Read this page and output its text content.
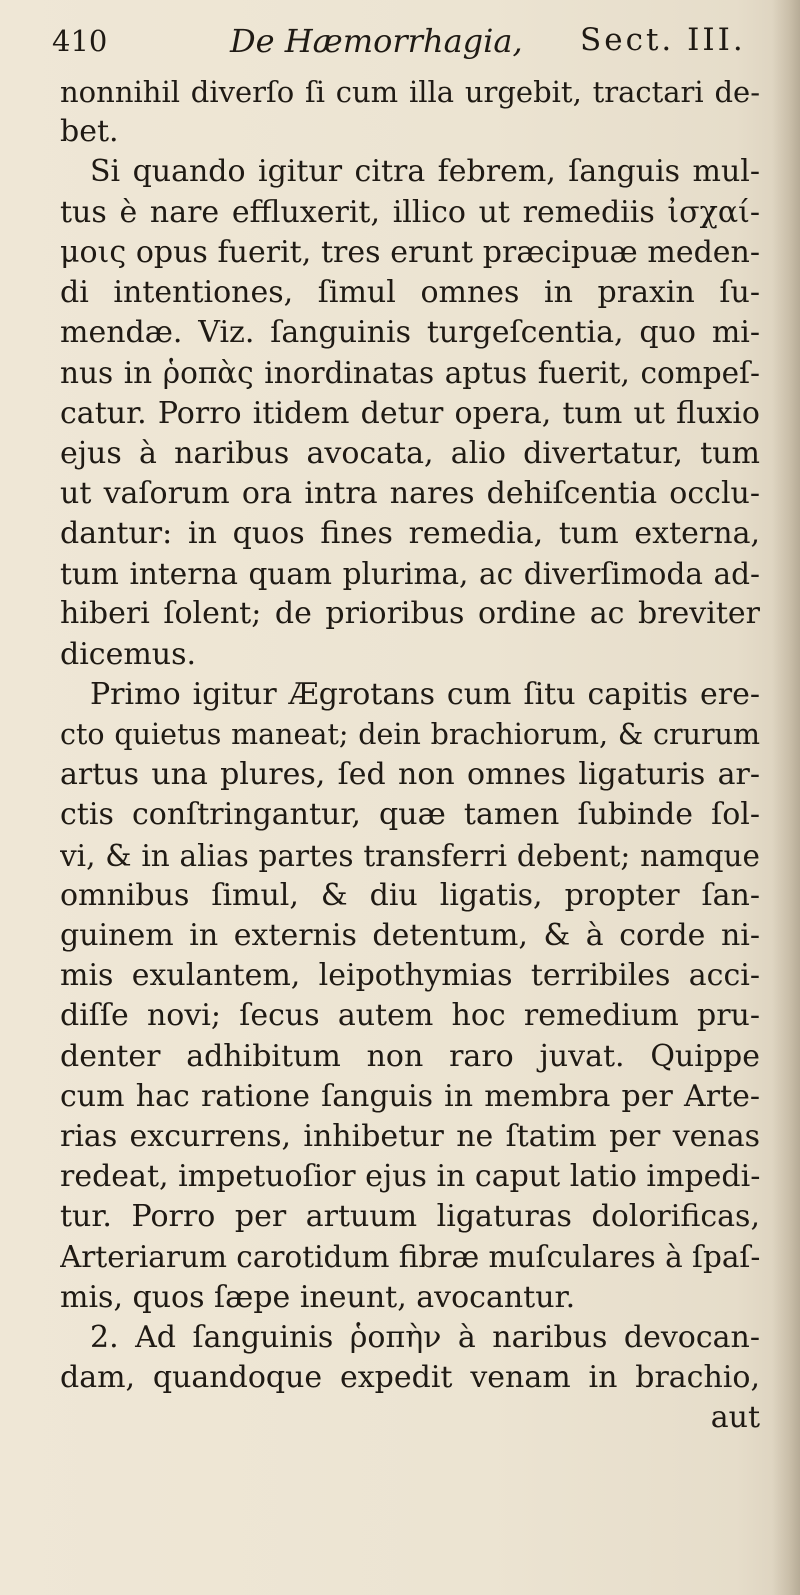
410	De Hæmorrhagia, Sect. III.
nonnihil diverſo ſi cum illa urgebit, tractari de-
bet.
Si quando igitur citra febrem, ſanguis mul-
tus è nare effluxerit, illico ut remediis ἰσχαί-
μοις opus fuerit, tres erunt præcipuæ meden-
di intentiones, ſimul omnes in praxin ſu-
mendæ. Viz. ſanguinis turgeſcentia, quo mi-
nus in ῥοπὰς inordinatas aptus fuerit, compeſ-
catur. Porro itidem detur opera, tum ut fluxio
ejus à naribus avocata, alio divertatur, tum
ut vaſorum ora intra nares dehiſcentia occlu-
dantur: in quos fines remedia, tum externa,
tum interna quam plurima, ac diverſimoda ad-
hiberi ſolent; de prioribus ordine ac breviter
dicemus.
Primo igitur Ægrotans cum ſitu capitis ere-
cto quietus maneat; dein brachiorum, & crurum
artus una plures, ſed non omnes ligaturis ar-
ctis conſtringantur, quæ tamen ſubinde ſol-
vi, & in alias partes transferri debent; namque
omnibus ſimul, & diu ligatis, propter ſan-
guinem in externis detentum, & à corde ni-
mis exulantem, leipothymias terribiles acci-
diſſe novi; ſecus autem hoc remedium pru-
denter adhibitum non raro juvat. Quippe
cum hac ratione ſanguis in membra per Arte-
rias excurrens, inhibetur ne ſtatim per venas
redeat, impetuoſior ejus in caput latio impedi-
tur. Porro per artuum ligaturas dolorificas,
Arteriarum carotidum fibræ muſculares à ſpaſ-
mis, quos ſæpe ineunt, avocantur.
2. Ad ſanguinis ῥοπὴν à naribus devocan-
dam, quandoque expedit venam in brachio,
aut
